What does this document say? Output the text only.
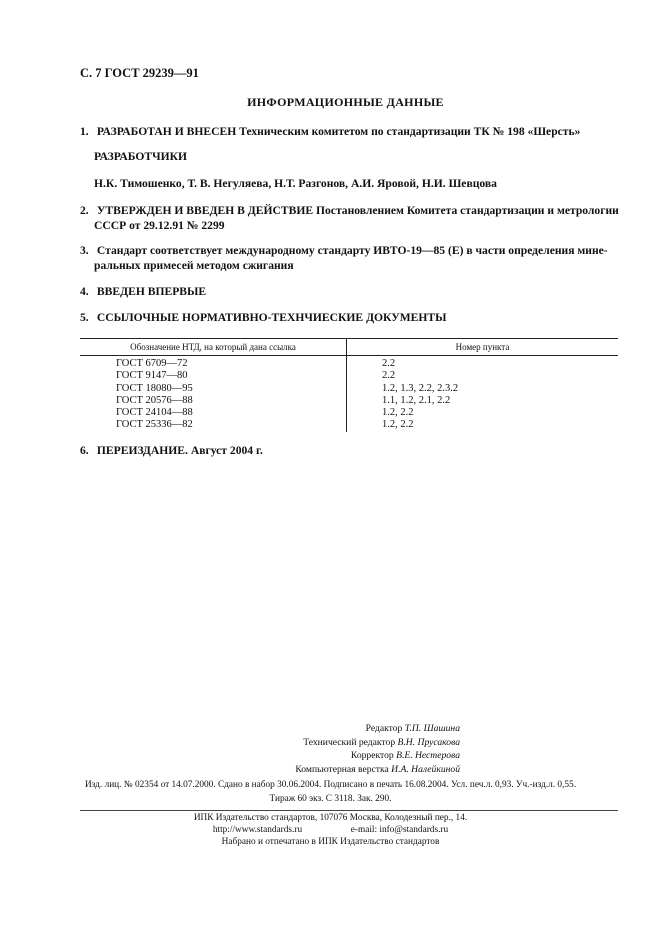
С. 7 ГОСТ 29239—91
ИНФОРМАЦИОННЫЕ ДАННЫЕ
1. РАЗРАБОТАН И ВНЕСЕН Техническим комитетом по стандартизации ТК № 198 «Шерсть»
РАЗРАБОТЧИКИ
Н.К. Тимошенко, Т. В. Негуляева, Н.Т. Разгонов, А.И. Яровой, Н.И. Шевцова
2. УТВЕРЖДЕН И ВВЕДЕН В ДЕЙСТВИЕ Постановлением Комитета стандартизации и метрологии
СССР от 29.12.91 № 2299
3. Стандарт соответствует международному стандарту ИВТО-19—85 (Е) в части определения мине-
ральных примесей методом сжигания
4. ВВЕДЕН ВПЕРВЫЕ
5. ССЫЛОЧНЫЕ НОРМАТИВНО-ТЕХНЧИЕСКИЕ ДОКУМЕНТЫ
Обозначение НТД, на который дана ссылка	Номер пункта
ГОСТ 6709—72
ГОСТ 9147—80
ГОСТ 18080—95
ГОСТ 20576—88
ГОСТ 24104—88
ГОСТ 25336—82
2.2
2.2
1.2, 1.3, 2.2, 2.3.2
1.1, 1.2, 2.1, 2.2
1.2, 2.2
1.2, 2.2
6. ПЕРЕИЗДАНИЕ. Август 2004 г.
Редактор Т.П. Шашина
Технический редактор В.Н. Прусакова
Корректор В.Е. Нестерова
Компьютерная верстка И.А. Налейкиной
Изд. лиц. № 02354 от 14.07.2000. Сдано в набор 30.06.2004. Подписано в печать 16.08.2004. Усл. печ.л. 0,93. Уч.-изд.л. 0,55.
Тираж 60 экз. С 3118. Зак. 290.
ИПК Издательство стандартов, 107076 Москва, Колодезный пер., 14.
http://www.standards.ru	e-mail: info@standards.ru
Набрано и отпечатано в ИПК Издательство стандартов
